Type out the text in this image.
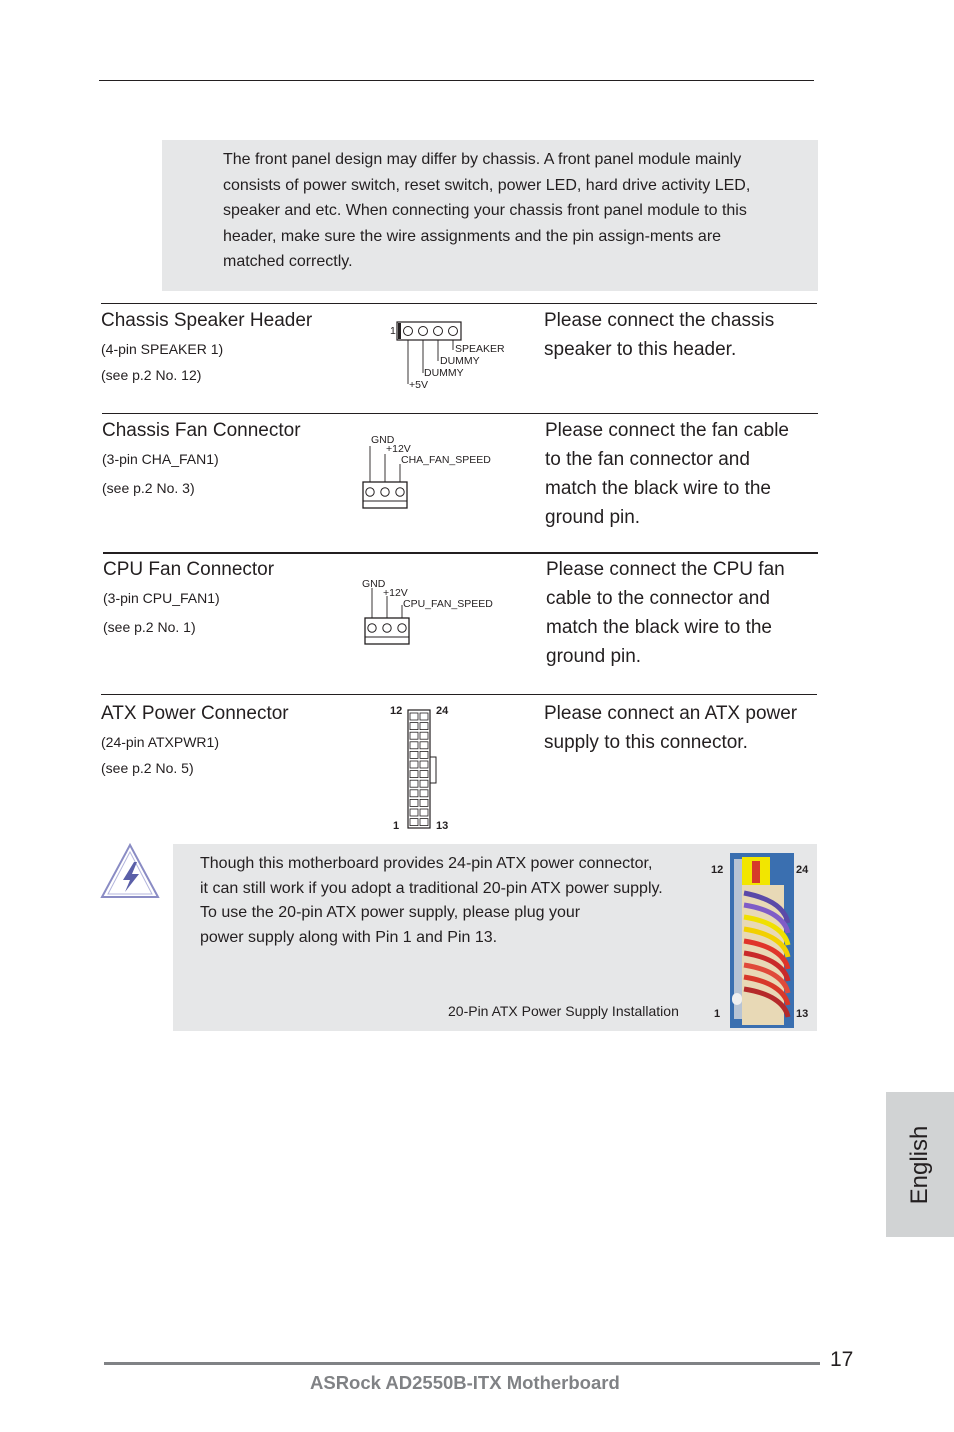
The front panel design may differ by chassis. A front panel module mainly
consists of power switch, reset switch, power LED, hard drive activity LED,
speaker and etc. When connecting your chassis front panel module to this
header, make sure the wire assignments and the pin assign-ments are
matched correctly.
Chassis Speaker Header
(4-pin SPEAKER 1)
(see p.2 No. 12)
Please connect the chassis
speaker to this header.
1
SPEAKER
DUMMY
DUMMY
+5V
Chassis Fan Connector
(3-pin CHA_FAN1)
(see p.2 No. 3)
Please connect the fan cable
to the fan connector and
match the black wire to the
ground pin.
GND
+12V
CHA_FAN_SPEED
CPU Fan Connector
(3-pin CPU_FAN1)
(see p.2 No. 1)
Please connect the CPU fan
cable to the connector and
match the black wire to the
ground pin.
GND
+12V
CPU_FAN_SPEED
ATX Power Connector
(24-pin ATXPWR1)
(see p.2 No. 5)
Please connect an ATX power
supply to this connector.
12	24
1	13
Though this motherboard provides 24-pin ATX power connector,
it can still work if you adopt a traditional 20-pin ATX power supply.
To use the 20-pin ATX power supply, please plug your
power supply along with Pin 1 and Pin 13.
20-Pin ATX Power Supply Installation
12	24
1	13
English
17
ASRock AD2550B-ITX Motherboard
